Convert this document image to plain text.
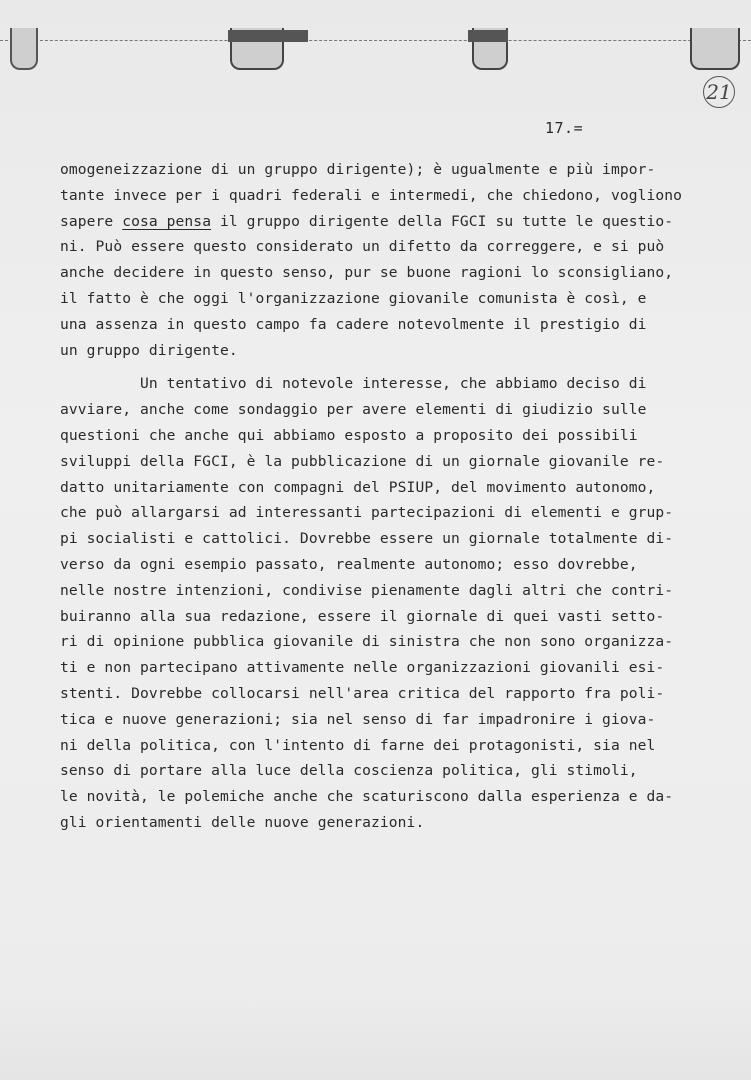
21
17.=

omogeneizzazione di un gruppo dirigente); è ugualmente e più impor-

tante invece per i quadri federali e intermedi, che chiedono, vogliono

sapere cosa pensa il gruppo dirigente della FGCI su tutte le questio-

ni. Può essere questo considerato un difetto da correggere, e si può

anche decidere in questo senso, pur se buone ragioni lo sconsigliano,

il fatto è che oggi l'organizzazione giovanile comunista è così, e

una assenza in questo campo fa cadere notevolmente il prestigio di

un gruppo dirigente.

Un tentativo di notevole interesse, che abbiamo deciso di

avviare, anche come sondaggio per avere elementi di giudizio sulle

questioni che anche qui abbiamo esposto a proposito dei possibili

sviluppi della FGCI, è la pubblicazione di un giornale giovanile re-

datto unitariamente con compagni del PSIUP, del movimento autonomo,

che può allargarsi ad interessanti partecipazioni di elementi e grup-

pi socialisti e cattolici. Dovrebbe essere un giornale totalmente di-

verso da ogni esempio passato, realmente autonomo; esso dovrebbe,

nelle nostre intenzioni, condivise pienamente dagli altri che contri-

buiranno alla sua redazione, essere il giornale di quei vasti setto-

ri di opinione pubblica giovanile di sinistra che non sono organizza-

ti e non partecipano attivamente nelle organizzazioni giovanili esi-

stenti. Dovrebbe collocarsi nell'area critica del rapporto fra poli-

tica e nuove generazioni; sia nel senso di far impadronire i giova-

ni della politica, con l'intento di farne dei protagonisti, sia nel

senso di portare alla luce della coscienza politica, gli stimoli,

le novità, le polemiche anche che scaturiscono dalla esperienza e da-

gli orientamenti delle nuove generazioni.
